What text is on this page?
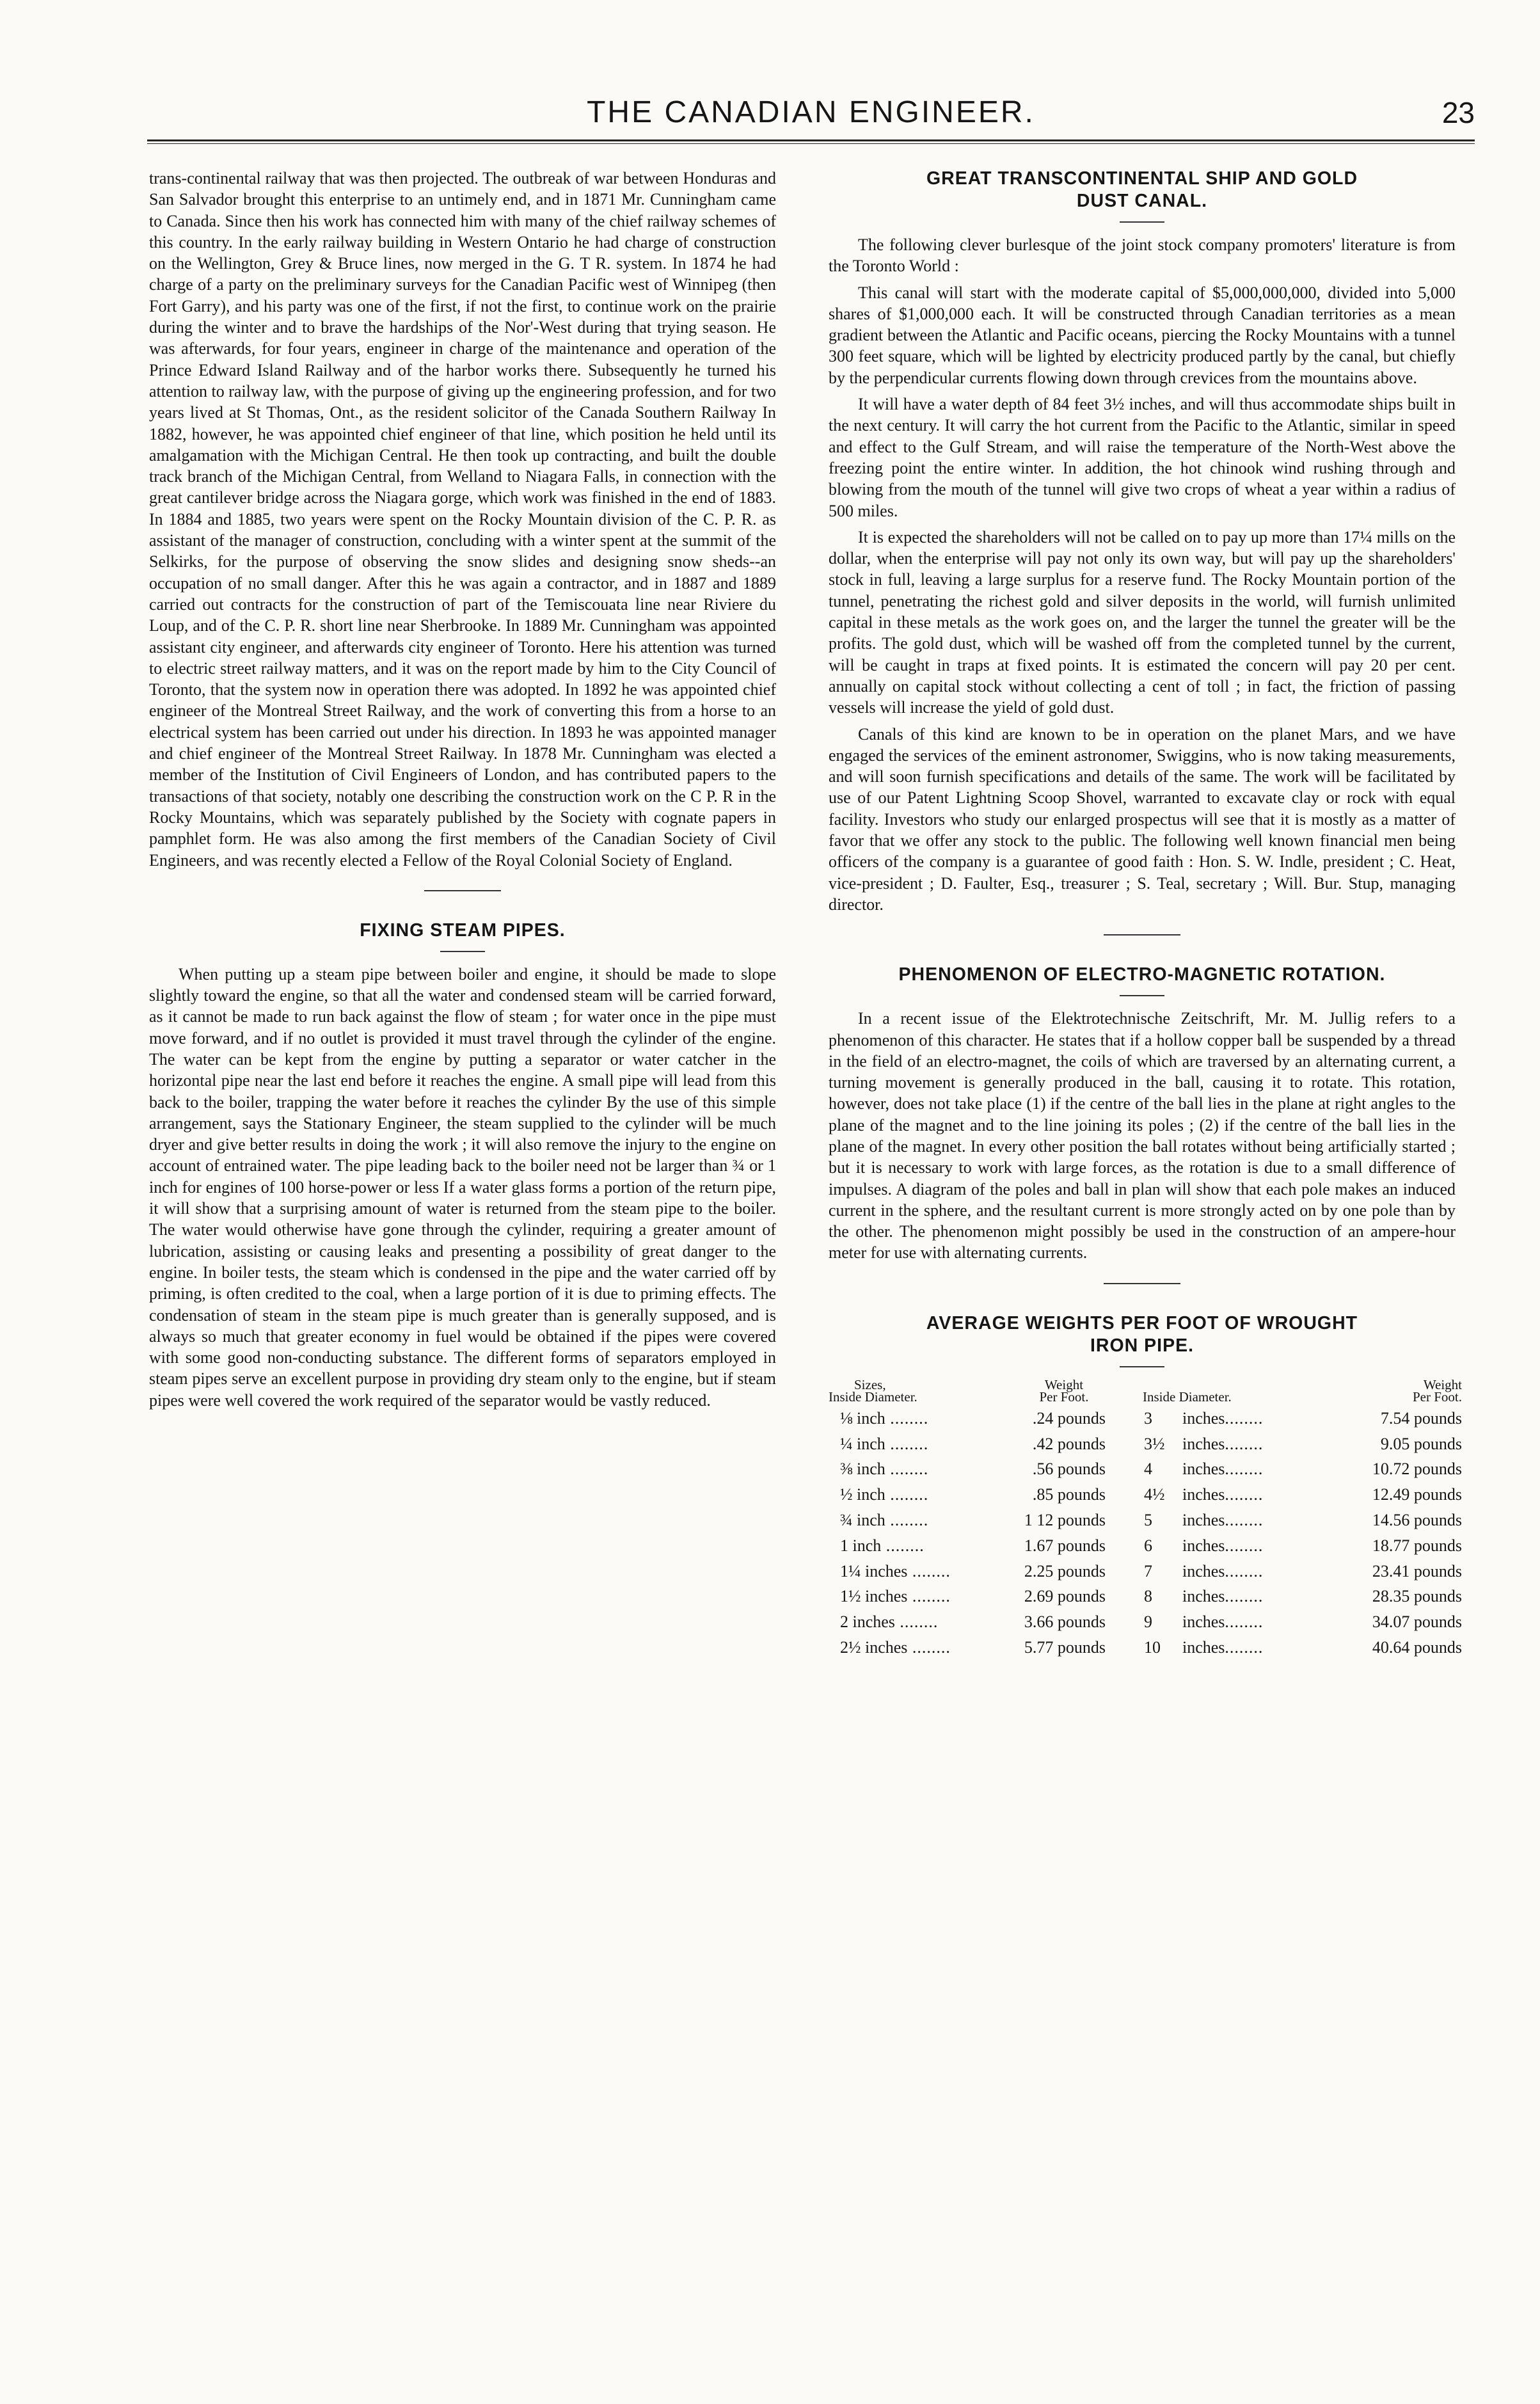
THE CANADIAN ENGINEER.	23

trans-continental railway that was then projected. The outbreak of war between Honduras and San Salvador brought this enterprise to an untimely end, and in 1871 Mr. Cunningham came to Canada. Since then his work has connected him with many of the chief railway schemes of this country. In the early railway building in Western Ontario he had charge of construction on the Wellington, Grey & Bruce lines, now merged in the G. T R. system. In 1874 he had charge of a party on the preliminary surveys for the Canadian Pacific west of Winnipeg (then Fort Garry), and his party was one of the first, if not the first, to continue work on the prairie during the winter and to brave the hardships of the Nor'-West during that trying season. He was afterwards, for four years, engineer in charge of the maintenance and operation of the Prince Edward Island Railway and of the harbor works there. Subsequently he turned his attention to railway law, with the purpose of giving up the engineering profession, and for two years lived at St Thomas, Ont., as the resident solicitor of the Canada Southern Railway In 1882, however, he was appointed chief engineer of that line, which position he held until its amalgamation with the Michigan Central. He then took up contracting, and built the double track branch of the Michigan Central, from Welland to Niagara Falls, in connection with the great cantilever bridge across the Niagara gorge, which work was finished in the end of 1883. In 1884 and 1885, two years were spent on the Rocky Mountain division of the C. P. R. as assistant of the manager of construction, concluding with a winter spent at the summit of the Selkirks, for the purpose of observing the snow slides and designing snow sheds--an occupation of no small danger. After this he was again a contractor, and in 1887 and 1889 carried out contracts for the construction of part of the Temiscouata line near Riviere du Loup, and of the C. P. R. short line near Sherbrooke. In 1889 Mr. Cunningham was appointed assistant city engineer, and afterwards city engineer of Toronto. Here his attention was turned to electric street railway matters, and it was on the report made by him to the City Council of Toronto, that the system now in operation there was adopted. In 1892 he was appointed chief engineer of the Montreal Street Railway, and the work of converting this from a horse to an electrical system has been carried out under his direction. In 1893 he was appointed manager and chief engineer of the Montreal Street Railway. In 1878 Mr. Cunningham was elected a member of the Institution of Civil Engineers of London, and has contributed papers to the transactions of that society, notably one describing the construction work on the C P. R in the Rocky Mountains, which was separately published by the Society with cognate papers in pamphlet form. He was also among the first members of the Canadian Society of Civil Engineers, and was recently elected a Fellow of the Royal Colonial Society of England.

FIXING STEAM PIPES.

When putting up a steam pipe between boiler and engine, it should be made to slope slightly toward the engine, so that all the water and condensed steam will be carried forward, as it cannot be made to run back against the flow of steam ; for water once in the pipe must move forward, and if no outlet is provided it must travel through the cylinder of the engine. The water can be kept from the engine by putting a separator or water catcher in the horizontal pipe near the last end before it reaches the engine. A small pipe will lead from this back to the boiler, trapping the water before it reaches the cylinder By the use of this simple arrangement, says the Stationary Engineer, the steam supplied to the cylinder will be much dryer and give better results in doing the work ; it will also remove the injury to the engine on account of entrained water. The pipe leading back to the boiler need not be larger than ¾ or 1 inch for engines of 100 horse-power or less If a water glass forms a portion of the return pipe, it will show that a surprising amount of water is returned from the steam pipe to the boiler. The water would otherwise have gone through the cylinder, requiring a greater amount of lubrication, assisting or causing leaks and presenting a possibility of great danger to the engine. In boiler tests, the steam which is condensed in the pipe and the water carried off by priming, is often credited to the coal, when a large portion of it is due to priming effects. The condensation of steam in the steam pipe is much greater than is generally supposed, and is always so much that greater economy in fuel would be obtained if the pipes were covered with some good non-conducting substance. The different forms of separators employed in steam pipes serve an excellent purpose in providing dry steam only to the engine, but if steam pipes were well covered the work required of the separator would be vastly reduced.

GREAT TRANSCONTINENTAL SHIP AND GOLD
DUST CANAL.

The following clever burlesque of the joint stock company promoters' literature is from the Toronto World :

This canal will start with the moderate capital of $5,000,000,000, divided into 5,000 shares of $1,000,000 each. It will be constructed through Canadian territories as a mean gradient between the Atlantic and Pacific oceans, piercing the Rocky Mountains with a tunnel 300 feet square, which will be lighted by electricity produced partly by the canal, but chiefly by the perpendicular currents flowing down through crevices from the mountains above.

It will have a water depth of 84 feet 3½ inches, and will thus accommodate ships built in the next century. It will carry the hot current from the Pacific to the Atlantic, similar in speed and effect to the Gulf Stream, and will raise the temperature of the North-West above the freezing point the entire winter. In addition, the hot chinook wind rushing through and blowing from the mouth of the tunnel will give two crops of wheat a year within a radius of 500 miles.

It is expected the shareholders will not be called on to pay up more than 17¼ mills on the dollar, when the enterprise will pay not only its own way, but will pay up the shareholders' stock in full, leaving a large surplus for a reserve fund. The Rocky Mountain portion of the tunnel, penetrating the richest gold and silver deposits in the world, will furnish unlimited capital in these metals as the work goes on, and the larger the tunnel the greater will be the profits. The gold dust, which will be washed off from the completed tunnel by the current, will be caught in traps at fixed points. It is estimated the concern will pay 20 per cent. annually on capital stock without collecting a cent of toll ; in fact, the friction of passing vessels will increase the yield of gold dust.

Canals of this kind are known to be in operation on the planet Mars, and we have engaged the services of the eminent astronomer, Swiggins, who is now taking measurements, and will soon furnish specifications and details of the same. The work will be facilitated by use of our Patent Lightning Scoop Shovel, warranted to excavate clay or rock with equal facility. Investors who study our enlarged prospectus will see that it is mostly as a matter of favor that we offer any stock to the public. The following well known financial men being officers of the company is a guarantee of good faith : Hon. S. W. Indle, president ; C. Heat, vice-president ; D. Faulter, Esq., treasurer ; S. Teal, secretary ; Will. Bur. Stup, managing director.

PHENOMENON OF ELECTRO-MAGNETIC ROTATION.

In a recent issue of the Elektrotechnische Zeitschrift, Mr. M. Jullig refers to a phenomenon of this character. He states that if a hollow copper ball be suspended by a thread in the field of an electro-magnet, the coils of which are traversed by an alternating current, a turning movement is generally produced in the ball, causing it to rotate. This rotation, however, does not take place (1) if the centre of the ball lies in the plane at right angles to the plane of the magnet and to the line joining its poles ; (2) if the centre of the ball lies in the plane of the magnet. In every other position the ball rotates without being artificially started ; but it is necessary to work with large forces, as the rotation is due to a small difference of impulses. A diagram of the poles and ball in plan will show that each pole makes an induced current in the sphere, and the resultant current is more strongly acted on by one pole than by the other. The phenomenon might possibly be used in the construction of an ampere-hour meter for use with alternating currents.

AVERAGE WEIGHTS PER FOOT OF WROUGHT
IRON PIPE.
Sizes,
Inside Diameter.	Weight
Per Foot.	Inside Diameter.		Weight
Per Foot.
⅛ inch ........	.24 pounds	3	inches........	7.54 pounds
¼ inch ........	.42 pounds	3½	inches........	9.05 pounds
⅜ inch ........	.56 pounds	4	inches........	10.72 pounds
½ inch ........	.85 pounds	4½	inches........	12.49 pounds
¾ inch ........	1 12 pounds	5	inches........	14.56 pounds
1 inch ........	1.67 pounds	6	inches........	18.77 pounds
1¼ inches ........	2.25 pounds	7	inches........	23.41 pounds
1½ inches ........	2.69 pounds	8	inches........	28.35 pounds
2 inches ........	3.66 pounds	9	inches........	34.07 pounds
2½ inches ........	5.77 pounds	10	inches........	40.64 pounds
